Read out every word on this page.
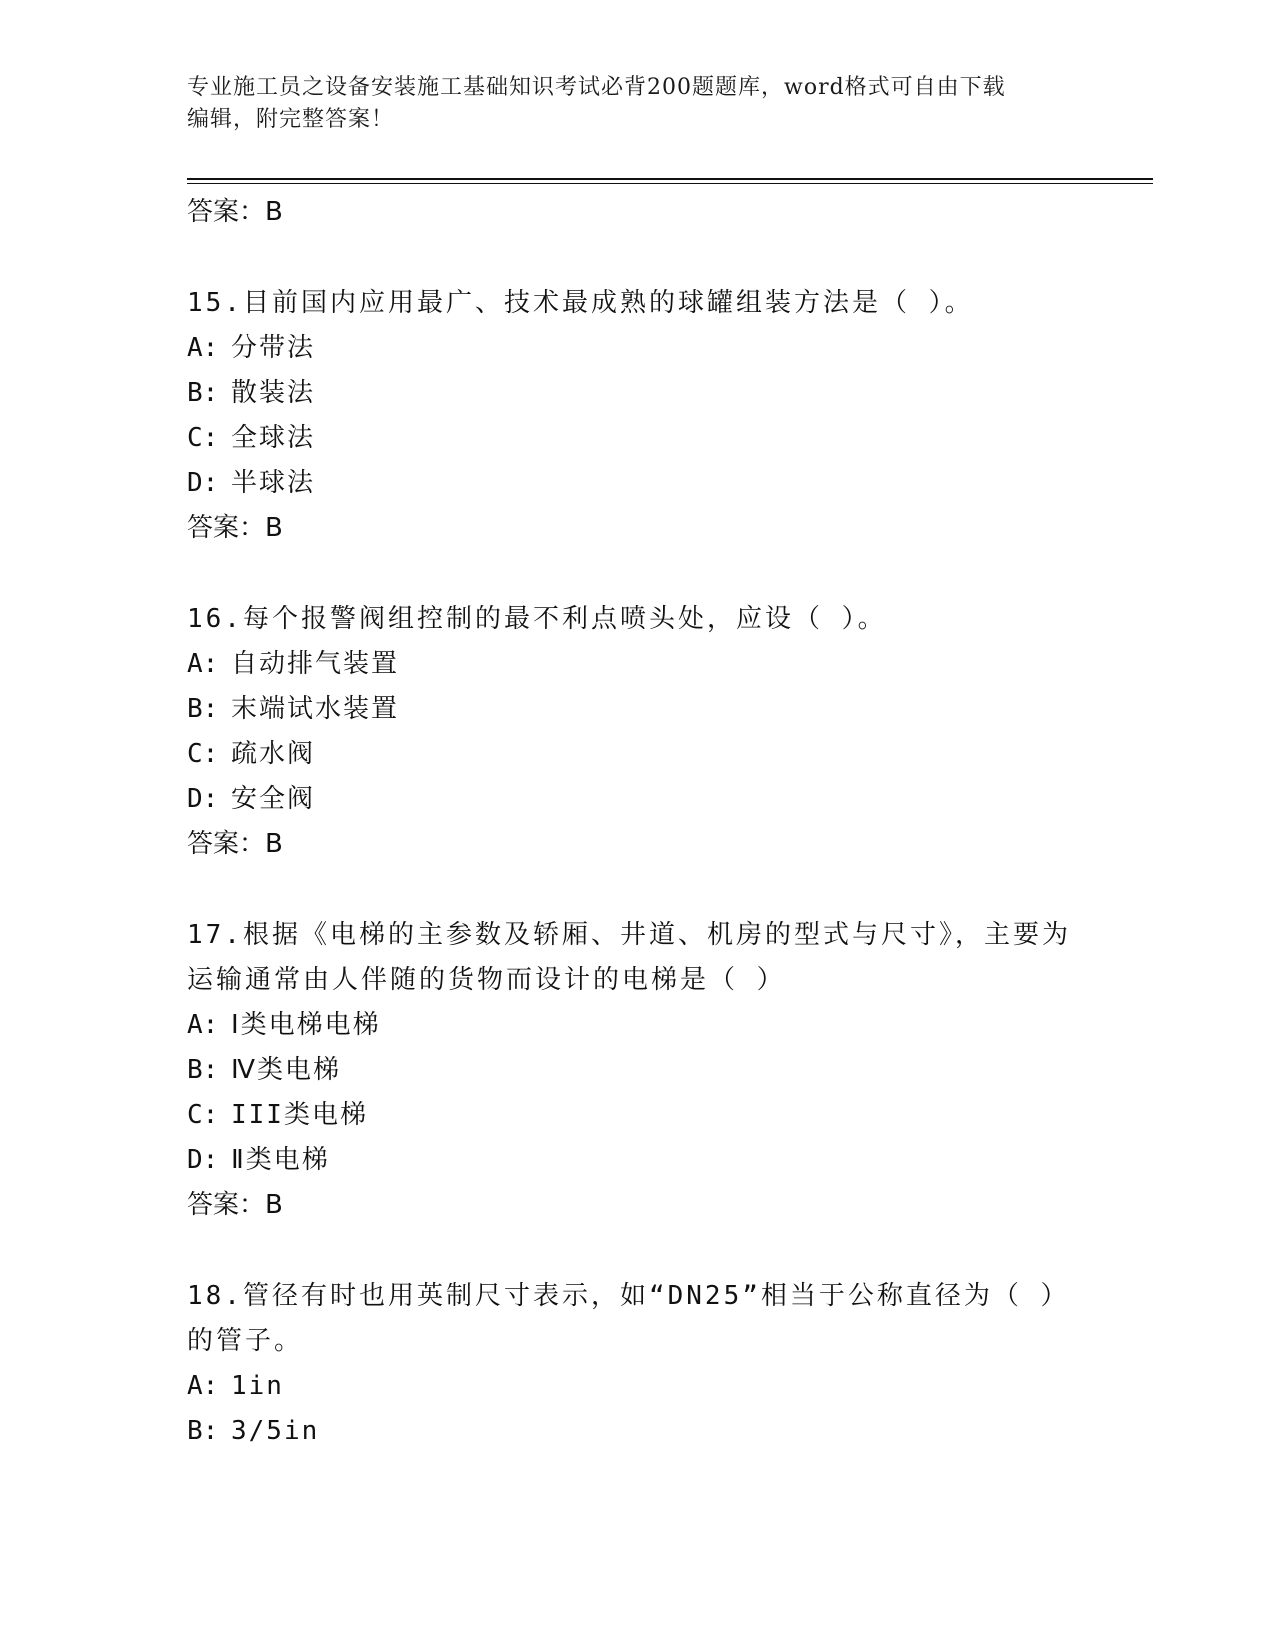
专业施工员之设备安装施工基础知识考试必背200题题库，word格式可自由下载
编辑，附完整答案！
答案：B
15.目前国内应用最广、技术最成熟的球罐组装方法是（ ）。
A: 分带法
B: 散装法
C: 全球法
D: 半球法
答案：B
16.每个报警阀组控制的最不利点喷头处，应设（ ）。
A: 自动排气装置
B: 末端试水装置
C: 疏水阀
D: 安全阀
答案：B
17.根据《电梯的主参数及轿厢、井道、机房的型式与尺寸》，主要为
运输通常由人伴随的货物而设计的电梯是（ ）
A: Ⅰ类电梯电梯
B: Ⅳ类电梯
C: III类电梯
D: Ⅱ类电梯
答案：B
18.管径有时也用英制尺寸表示，如“DN25”相当于公称直径为（ ）
的管子。
A: 1in
B: 3/5in
